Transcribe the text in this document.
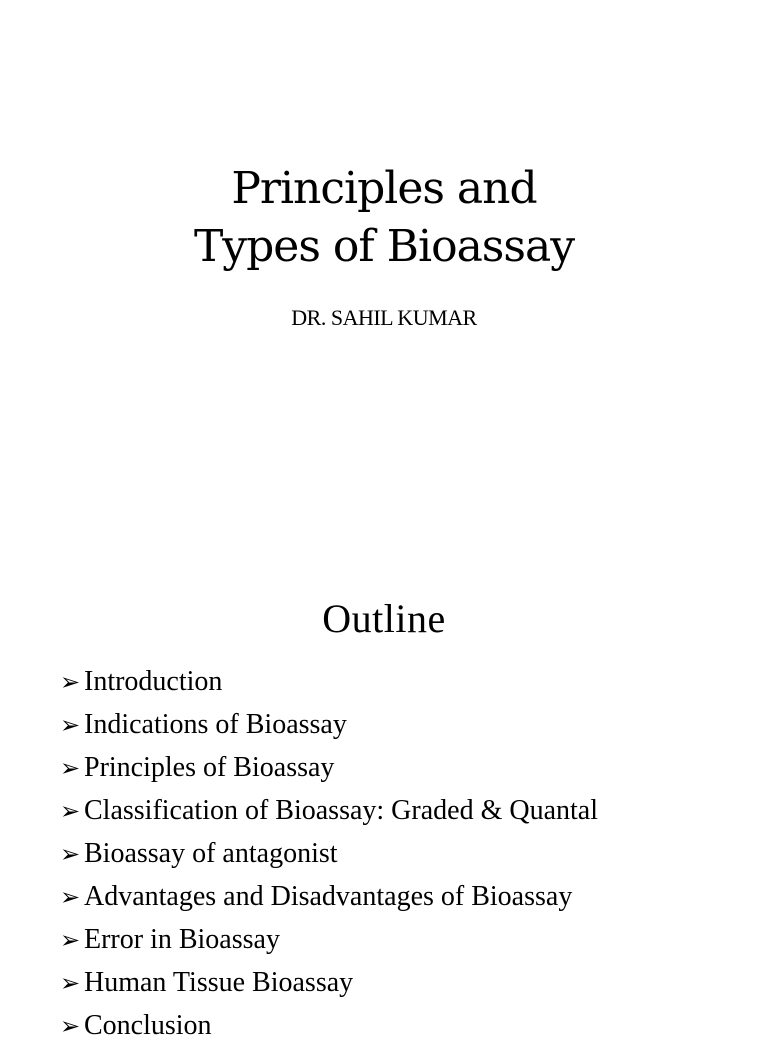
Principles and
Types of Bioassay
DR. SAHIL KUMAR
Outline
➢ Introduction
➢ Indications of Bioassay
➢ Principles of Bioassay
➢ Classification of Bioassay: Graded & Quantal
➢ Bioassay of antagonist
➢ Advantages and Disadvantages of Bioassay
➢ Error in Bioassay
➢ Human Tissue Bioassay
➢ Conclusion
